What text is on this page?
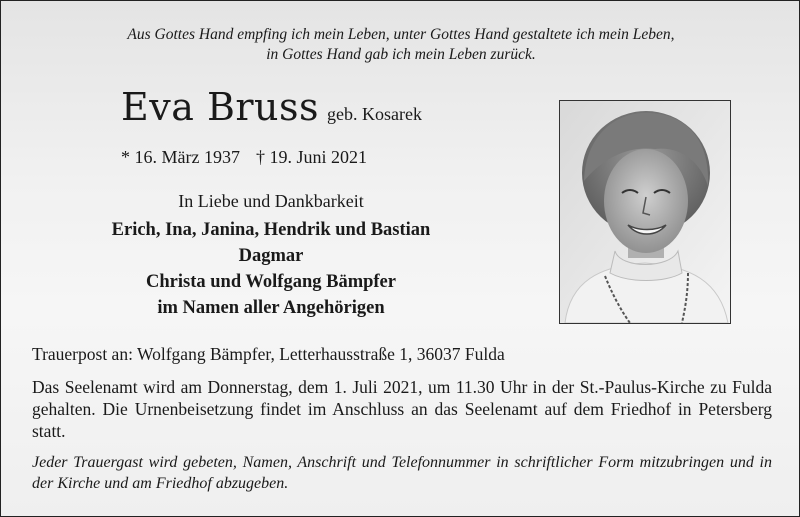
Aus Gottes Hand empfing ich mein Leben, unter Gottes Hand gestaltete ich mein Leben,
in Gottes Hand gab ich mein Leben zurück.
Eva Bruss geb. Kosarek
* 16. März 1937 † 19. Juni 2021
In Liebe und Dankbarkeit
Erich, Ina, Janina, Hendrik und Bastian
Dagmar
Christa und Wolfgang Bämpfer
im Namen aller Angehörigen
Trauerpost an: Wolfgang Bämpfer, Letterhausstraße 1, 36037 Fulda
Das Seelenamt wird am Donnerstag, dem 1. Juli 2021, um 11.30 Uhr in der St.-Paulus-Kirche zu Fulda gehalten. Die Urnenbeisetzung findet im Anschluss an das Seelenamt auf dem Friedhof in Petersberg statt.
Jeder Trauergast wird gebeten, Namen, Anschrift und Telefonnummer in schriftlicher Form mitzubringen und in der Kirche und am Friedhof abzugeben.
